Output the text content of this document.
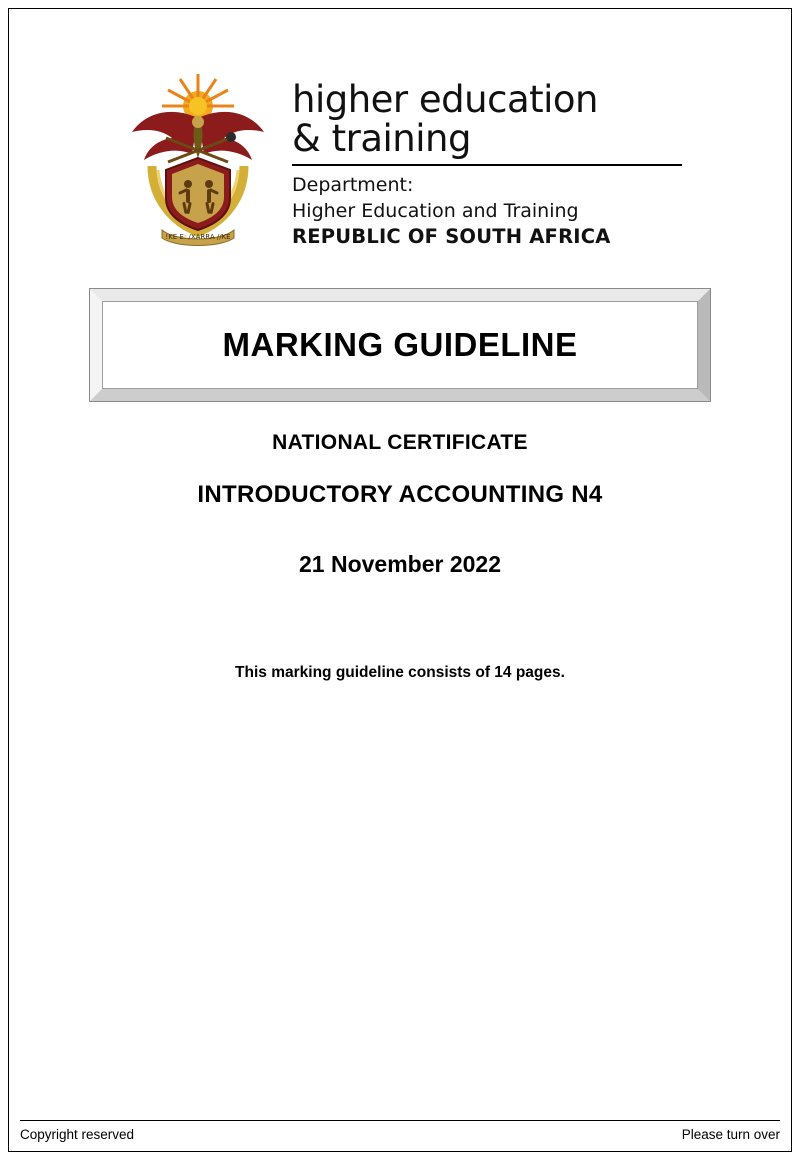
!KE E: /XARRA //KE
higher education
& training
Department:
Higher Education and Training
REPUBLIC OF SOUTH AFRICA
MARKING GUIDELINE
NATIONAL CERTIFICATE
INTRODUCTORY ACCOUNTING N4
21 November 2022
This marking guideline consists of 14 pages.
Copyright reserved	Please turn over
